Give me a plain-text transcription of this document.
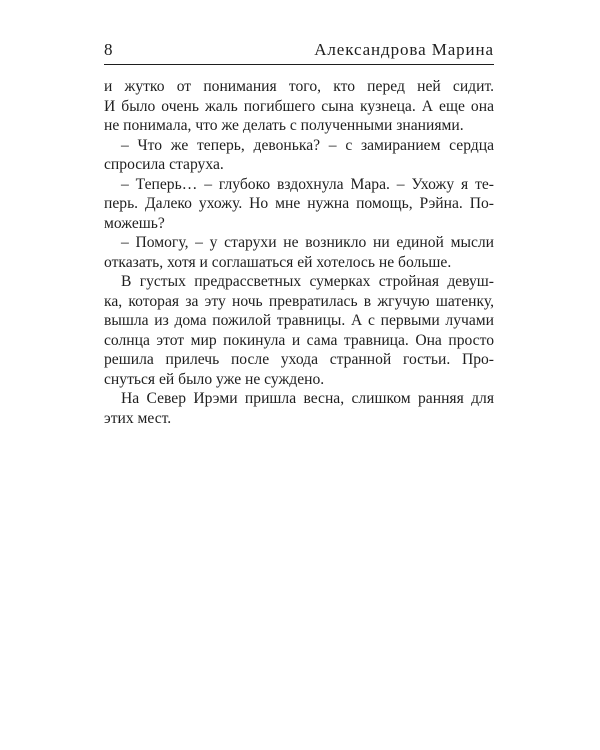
8	Александрова Марина
и жутко от понимания того, кто перед ней сидит.
И было очень жаль погибшего сына кузнеца. А еще она
не понимала, что же делать с полученными знаниями.
– Что же теперь, девонька? – с замиранием сердца
спросила старуха.
– Теперь… – глубоко вздохнула Мара. – Ухожу я те-
перь. Далеко ухожу. Но мне нужна помощь, Рэйна. По-
можешь?
– Помогу, – у старухи не возникло ни единой мысли
отказать, хотя и соглашаться ей хотелось не больше.
В густых предрассветных сумерках стройная девуш-
ка, которая за эту ночь превратилась в жгучую шатенку,
вышла из дома пожилой травницы. А с первыми лучами
солнца этот мир покинула и сама травница. Она просто
решила прилечь после ухода странной гостьи. Про-
снуться ей было уже не суждено.
На Север Ирэми пришла весна, слишком ранняя для
этих мест.
